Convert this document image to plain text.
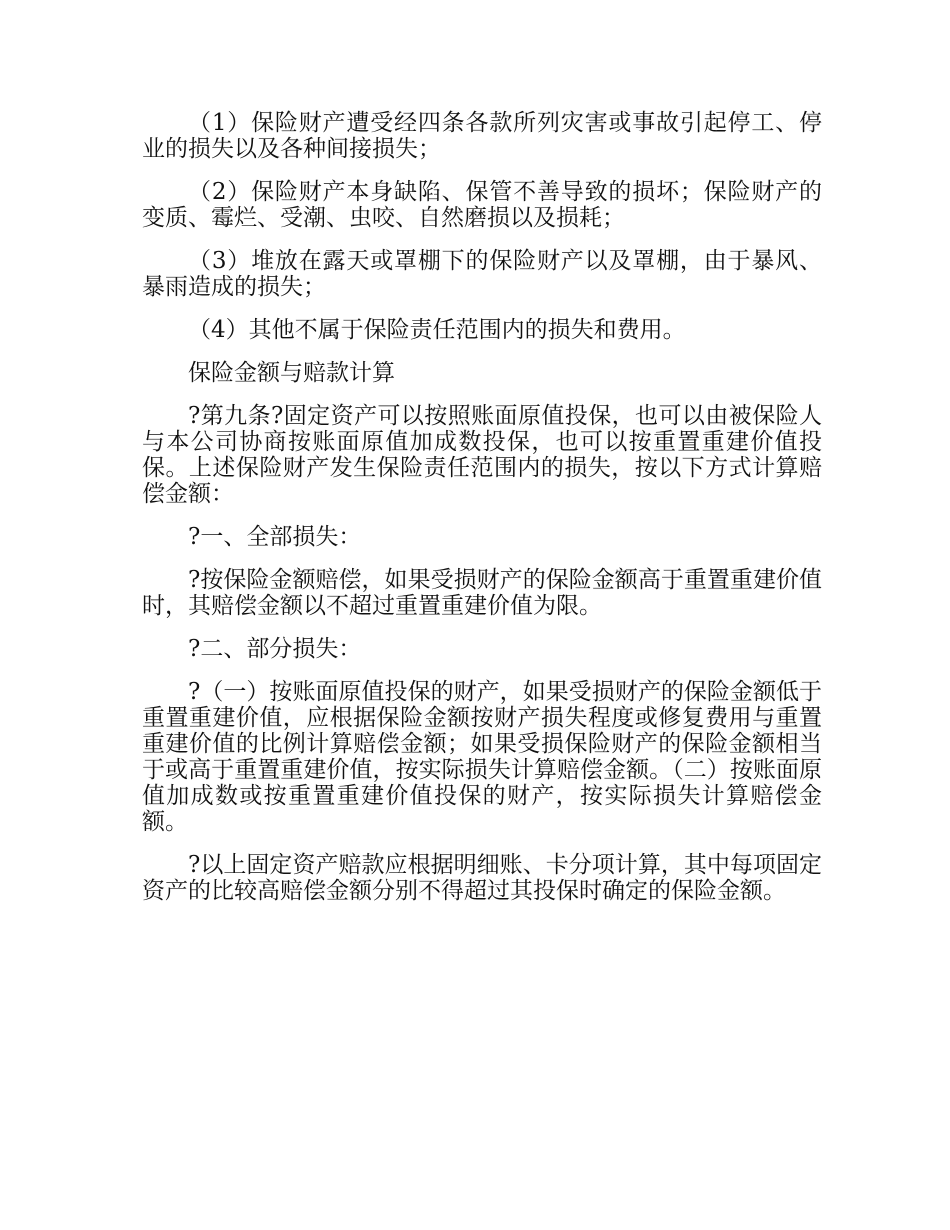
（1）保险财产遭受经四条各款所列灾害或事故引起停工、停业的损失以及各种间接损失；

（2）保险财产本身缺陷、保管不善导致的损坏；保险财产的变质、霉烂、受潮、虫咬、自然磨损以及损耗；

（3）堆放在露天或罩棚下的保险财产以及罩棚，由于暴风、暴雨造成的损失；

（4）其他不属于保险责任范围内的损失和费用。

保险金额与赔款计算

?第九条?固定资产可以按照账面原值投保，也可以由被保险人与本公司协商按账面原值加成数投保，也可以按重置重建价值投保。上述保险财产发生保险责任范围内的损失，按以下方式计算赔偿金额：

?一、全部损失：

?按保险金额赔偿，如果受损财产的保险金额高于重置重建价值时，其赔偿金额以不超过重置重建价值为限。

?二、部分损失：

?（一）按账面原值投保的财产，如果受损财产的保险金额低于重置重建价值，应根据保险金额按财产损失程度或修复费用与重置重建价值的比例计算赔偿金额；如果受损保险财产的保险金额相当于或高于重置重建价值，按实际损失计算赔偿金额。（二）按账面原值加成数或按重置重建价值投保的财产，按实际损失计算赔偿金额。

?以上固定资产赔款应根据明细账、卡分项计算，其中每项固定资产的比较高赔偿金额分别不得超过其投保时确定的保险金额。
